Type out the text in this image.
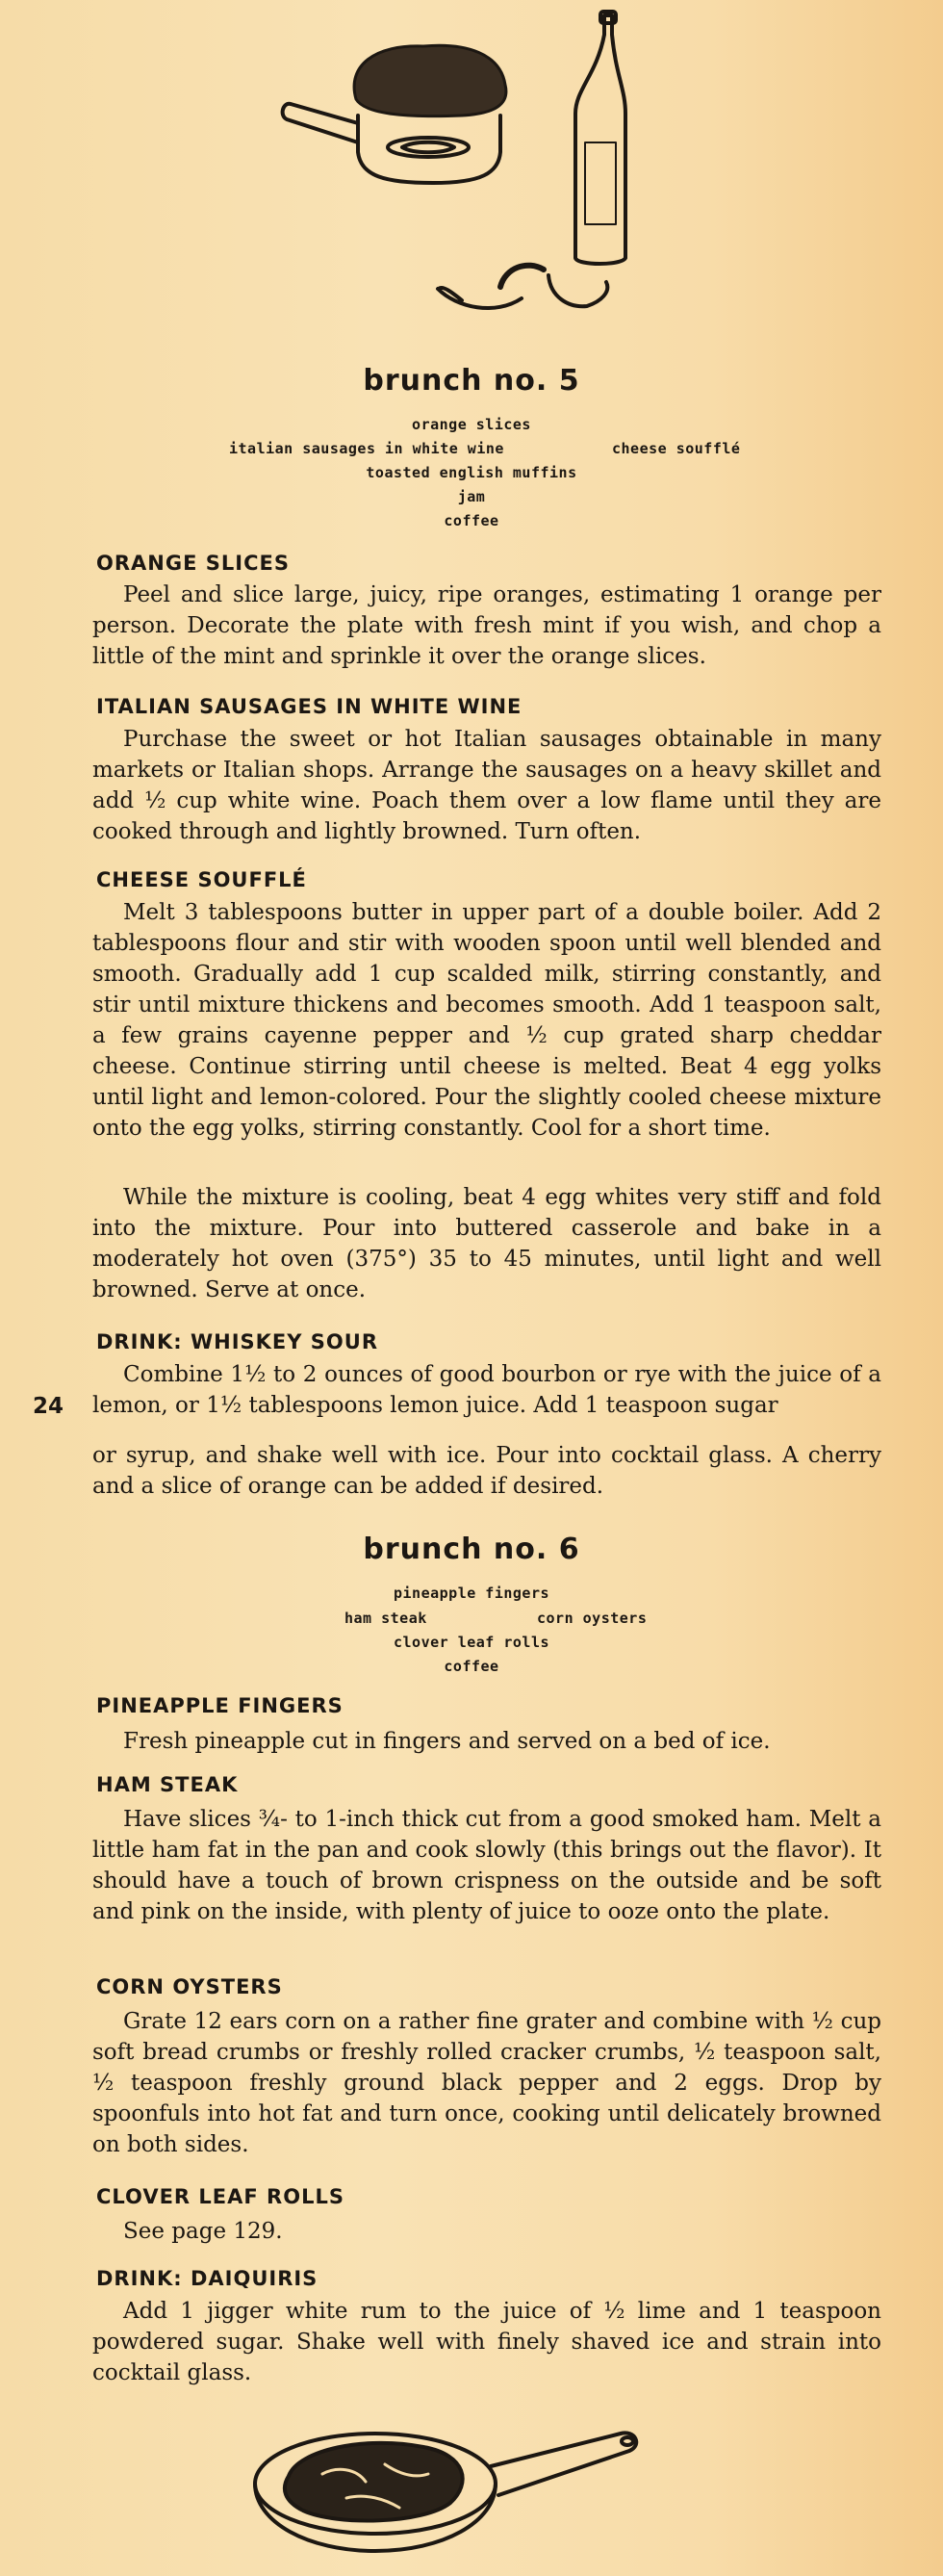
brunch no. 5
orange slices
italian sausages in white wine	cheese soufflé
toasted english muffins
jam
coffee
ORANGE SLICES
Peel and slice large, juicy, ripe oranges, estimating 1 orange per person. Decorate the plate with fresh mint if you wish, and chop a little of the mint and sprinkle it over the orange slices.
ITALIAN SAUSAGES IN WHITE WINE
Purchase the sweet or hot Italian sausages obtainable in many markets or Italian shops. Arrange the sausages on a heavy skillet and add ½ cup white wine. Poach them over a low flame until they are cooked through and lightly browned. Turn often.
CHEESE SOUFFLÉ
Melt 3 tablespoons butter in upper part of a double boiler. Add 2 tablespoons flour and stir with wooden spoon until well blended and smooth. Gradually add 1 cup scalded milk, stirring constantly, and stir until mixture thickens and becomes smooth. Add 1 teaspoon salt, a few grains cayenne pepper and ½ cup grated sharp cheddar cheese. Continue stirring until cheese is melted. Beat 4 egg yolks until light and lemon-colored. Pour the slightly cooled cheese mixture onto the egg yolks, stirring constantly. Cool for a short time.
While the mixture is cooling, beat 4 egg whites very stiff and fold into the mixture. Pour into buttered casserole and bake in a moderately hot oven (375°) 35 to 45 minutes, until light and well browned. Serve at once.
DRINK: WHISKEY SOUR
Combine 1½ to 2 ounces of good bourbon or rye with the juice of a lemon, or 1½ tablespoons lemon juice. Add 1 teaspoon sugar
24
or syrup, and shake well with ice. Pour into cocktail glass. A cherry and a slice of orange can be added if desired.
brunch no. 6
pineapple fingers
ham steak	corn oysters
clover leaf rolls
coffee
PINEAPPLE FINGERS
Fresh pineapple cut in fingers and served on a bed of ice.
HAM STEAK
Have slices ¾- to 1-inch thick cut from a good smoked ham. Melt a little ham fat in the pan and cook slowly (this brings out the flavor). It should have a touch of brown crispness on the outside and be soft and pink on the inside, with plenty of juice to ooze onto the plate.
CORN OYSTERS
Grate 12 ears corn on a rather fine grater and combine with ½ cup soft bread crumbs or freshly rolled cracker crumbs, ½ teaspoon salt, ½ teaspoon freshly ground black pepper and 2 eggs. Drop by spoonfuls into hot fat and turn once, cooking until delicately browned on both sides.
CLOVER LEAF ROLLS
See page 129.
DRINK: DAIQUIRIS
Add 1 jigger white rum to the juice of ½ lime and 1 teaspoon powdered sugar. Shake well with finely shaved ice and strain into cocktail glass.
